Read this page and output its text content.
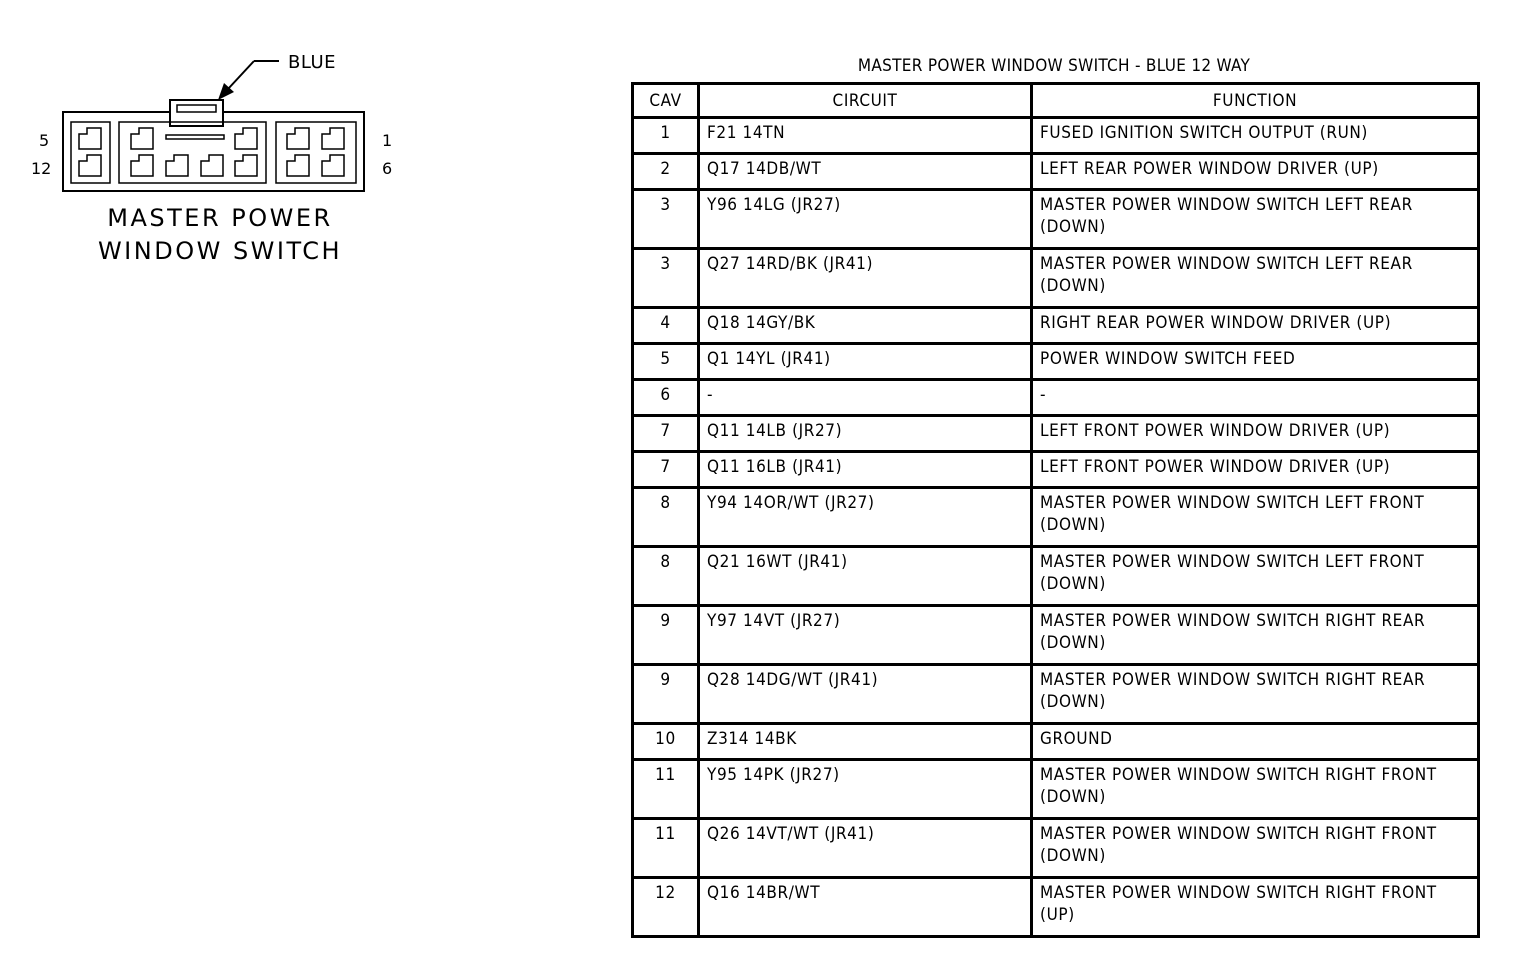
BLUE
5
12
1
6
MASTER POWER
WINDOW SWITCH
MASTER POWER WINDOW SWITCH - BLUE 12 WAY
CAV	CIRCUIT	FUNCTION
1	F21 14TN	FUSED IGNITION SWITCH OUTPUT (RUN)
2	Q17 14DB/WT	LEFT REAR POWER WINDOW DRIVER (UP)
3	Y96 14LG (JR27)	MASTER POWER WINDOW SWITCH LEFT REAR (DOWN)
3	Q27 14RD/BK (JR41)	MASTER POWER WINDOW SWITCH LEFT REAR (DOWN)
4	Q18 14GY/BK	RIGHT REAR POWER WINDOW DRIVER (UP)
5	Q1 14YL (JR41)	POWER WINDOW SWITCH FEED
6	-	-
7	Q11 14LB (JR27)	LEFT FRONT POWER WINDOW DRIVER (UP)
7	Q11 16LB (JR41)	LEFT FRONT POWER WINDOW DRIVER (UP)
8	Y94 14OR/WT (JR27)	MASTER POWER WINDOW SWITCH LEFT FRONT (DOWN)
8	Q21 16WT (JR41)	MASTER POWER WINDOW SWITCH LEFT FRONT (DOWN)
9	Y97 14VT (JR27)	MASTER POWER WINDOW SWITCH RIGHT REAR (DOWN)
9	Q28 14DG/WT (JR41)	MASTER POWER WINDOW SWITCH RIGHT REAR (DOWN)
10	Z314 14BK	GROUND
11	Y95 14PK (JR27)	MASTER POWER WINDOW SWITCH RIGHT FRONT (DOWN)
11	Q26 14VT/WT (JR41)	MASTER POWER WINDOW SWITCH RIGHT FRONT (DOWN)
12	Q16 14BR/WT	MASTER POWER WINDOW SWITCH RIGHT FRONT (UP)
